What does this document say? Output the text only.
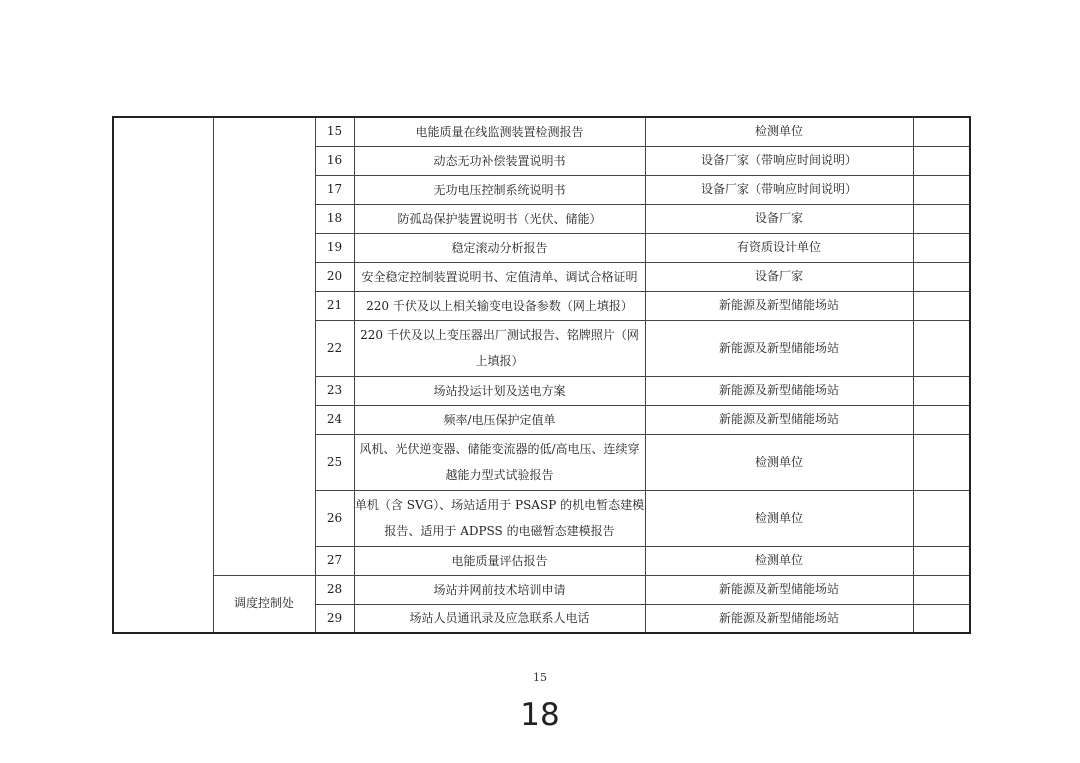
		15	电能质量在线监测装置检测报告	检测单位	
		16	动态无功补偿装置说明书	设备厂家（带响应时间说明）	
		17	无功电压控制系统说明书	设备厂家（带响应时间说明）	
		18	防孤岛保护装置说明书（光伏、储能）	设备厂家	
		19	稳定滚动分析报告	有资质设计单位	
		20	安全稳定控制装置说明书、定值清单、调试合格证明	设备厂家	
		21	220 千伏及以上相关输变电设备参数（网上填报）	新能源及新型储能场站	
		22	220 千伏及以上变压器出厂测试报告、铭牌照片（网上填报）	新能源及新型储能场站	
		23	场站投运计划及送电方案	新能源及新型储能场站	
		24	频率/电压保护定值单	新能源及新型储能场站	
		25	风机、光伏逆变器、储能变流器的低/高电压、连续穿越能力型式试验报告	检测单位	
		26	单机（含 SVG）、场站适用于 PSASP 的机电暂态建模报告、适用于 ADPSS 的电磁暂态建模报告	检测单位	
		27	电能质量评估报告	检测单位	
	调度控制处	28	场站并网前技术培训申请	新能源及新型储能场站	
		29	场站人员通讯录及应急联系人电话	新能源及新型储能场站	
15
18
